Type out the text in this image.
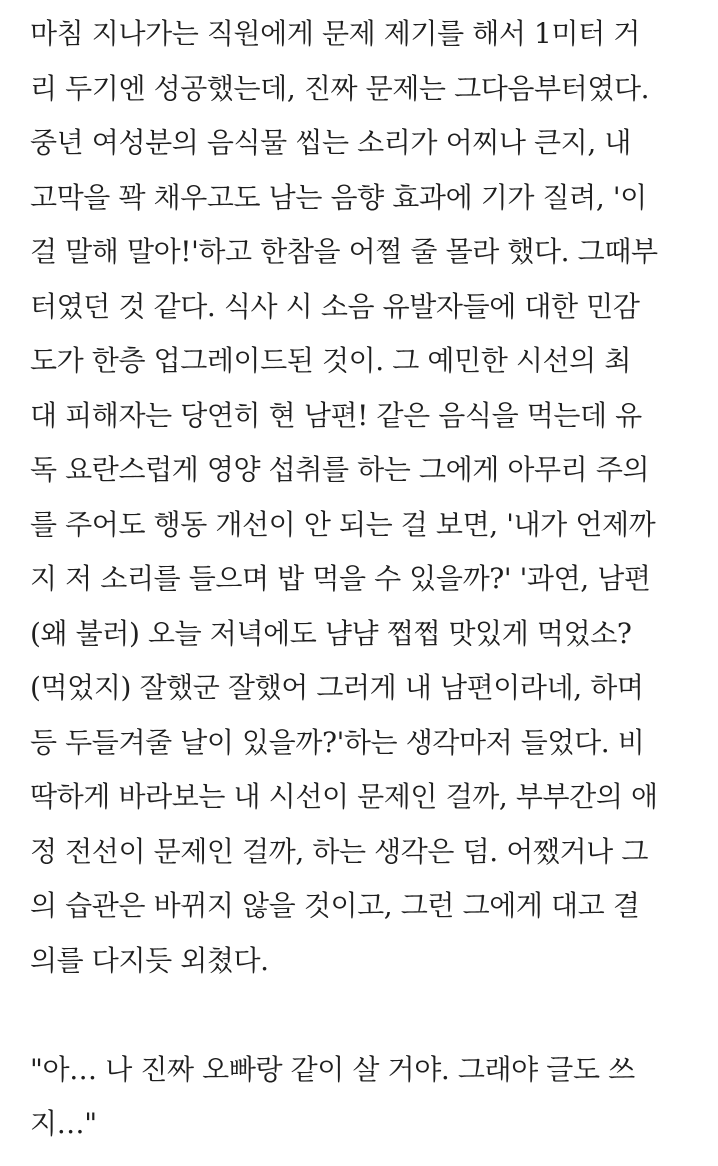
마침 지나가는 직원에게 문제 제기를 해서 1미터 거
리 두기엔 성공했는데, 진짜 문제는 그다음부터였다.
중년 여성분의 음식물 씹는 소리가 어찌나 큰지, 내
고막을 꽉 채우고도 남는 음향 효과에 기가 질려, '이
걸 말해 말아!'하고 한참을 어쩔 줄 몰라 했다. 그때부
터였던 것 같다. 식사 시 소음 유발자들에 대한 민감
도가 한층 업그레이드된 것이. 그 예민한 시선의 최
대 피해자는 당연히 현 남편! 같은 음식을 먹는데 유
독 요란스럽게 영양 섭취를 하는 그에게 아무리 주의
를 주어도 행동 개선이 안 되는 걸 보면, '내가 언제까
지 저 소리를 들으며 밥 먹을 수 있을까?' '과연, 남편
(왜 불러) 오늘 저녁에도 냠냠 쩝쩝 맛있게 먹었소?
(먹었지) 잘했군 잘했어 그러게 내 남편이라네, 하며
등 두들겨줄 날이 있을까?'하는 생각마저 들었다. 비
딱하게 바라보는 내 시선이 문제인 걸까, 부부간의 애
정 전선이 문제인 걸까, 하는 생각은 덤. 어쨌거나 그
의 습관은 바뀌지 않을 것이고, 그런 그에게 대고 결
의를 다지듯 외쳤다.
"아… 나 진짜 오빠랑 같이 살 거야. 그래야 글도 쓰
지…"
